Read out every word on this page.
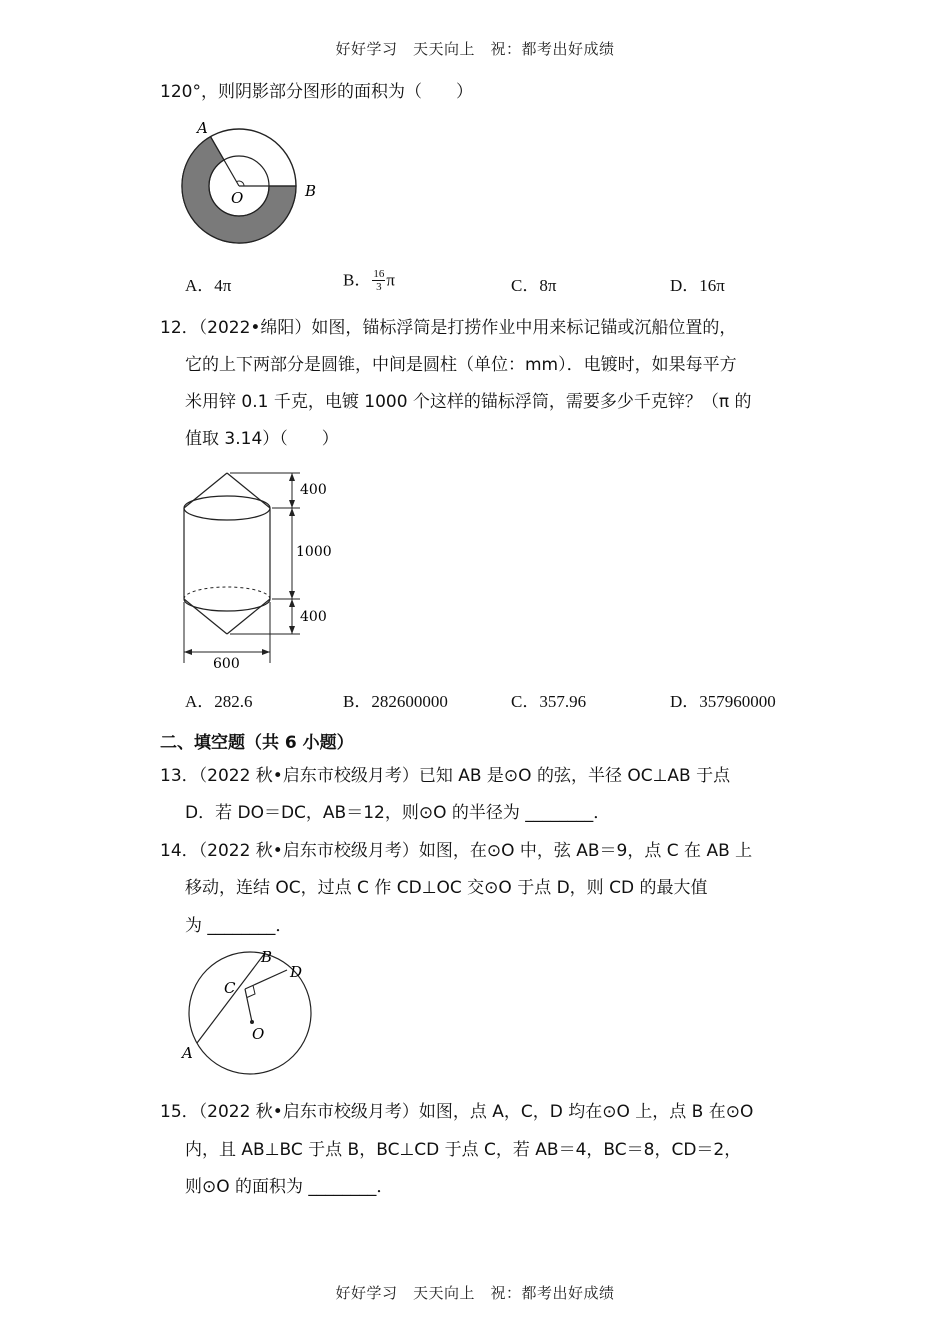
好好学习　天天向上　祝：都考出好成绩
120°，则阴影部分图形的面积为（　　）
A
O	B
A．4π	B． $\frac{16}{3}$ π	C．8π	D．16π
12．（2022•绵阳）如图，锚标浮筒是打捞作业中用来标记锚或沉船位置的，
它的上下两部分是圆锥，中间是圆柱（单位：mm）．电镀时，如果每平方
米用锌 0.1 千克，电镀 1000 个这样的锚标浮筒，需要多少千克锌？（π 的
值取 3.14）（　　）
400
1000
400
600
A．282.6	B．282600000	C．357.96	D．357960000
二、填空题（共 6 小题）
13．（2022 秋•启东市校级月考）已知 AB 是⊙O 的弦，半径 OC⊥AB 于点
D．若 DO＝DC，AB＝12，则⊙O 的半径为 ________．
14．（2022 秋•启东市校级月考）如图，在⊙O 中，弦 AB＝9，点 C 在 AB 上
移动，连结 OC，过点 C 作 CD⊥OC 交⊙O 于点 D，则 CD 的最大值
为 ________．
B
D
C
O
A
15．（2022 秋•启东市校级月考）如图，点 A，C，D 均在⊙O 上，点 B 在⊙O
内，且 AB⊥BC 于点 B，BC⊥CD 于点 C，若 AB＝4，BC＝8，CD＝2，
则⊙O 的面积为 ________．
好好学习　天天向上　祝：都考出好成绩
